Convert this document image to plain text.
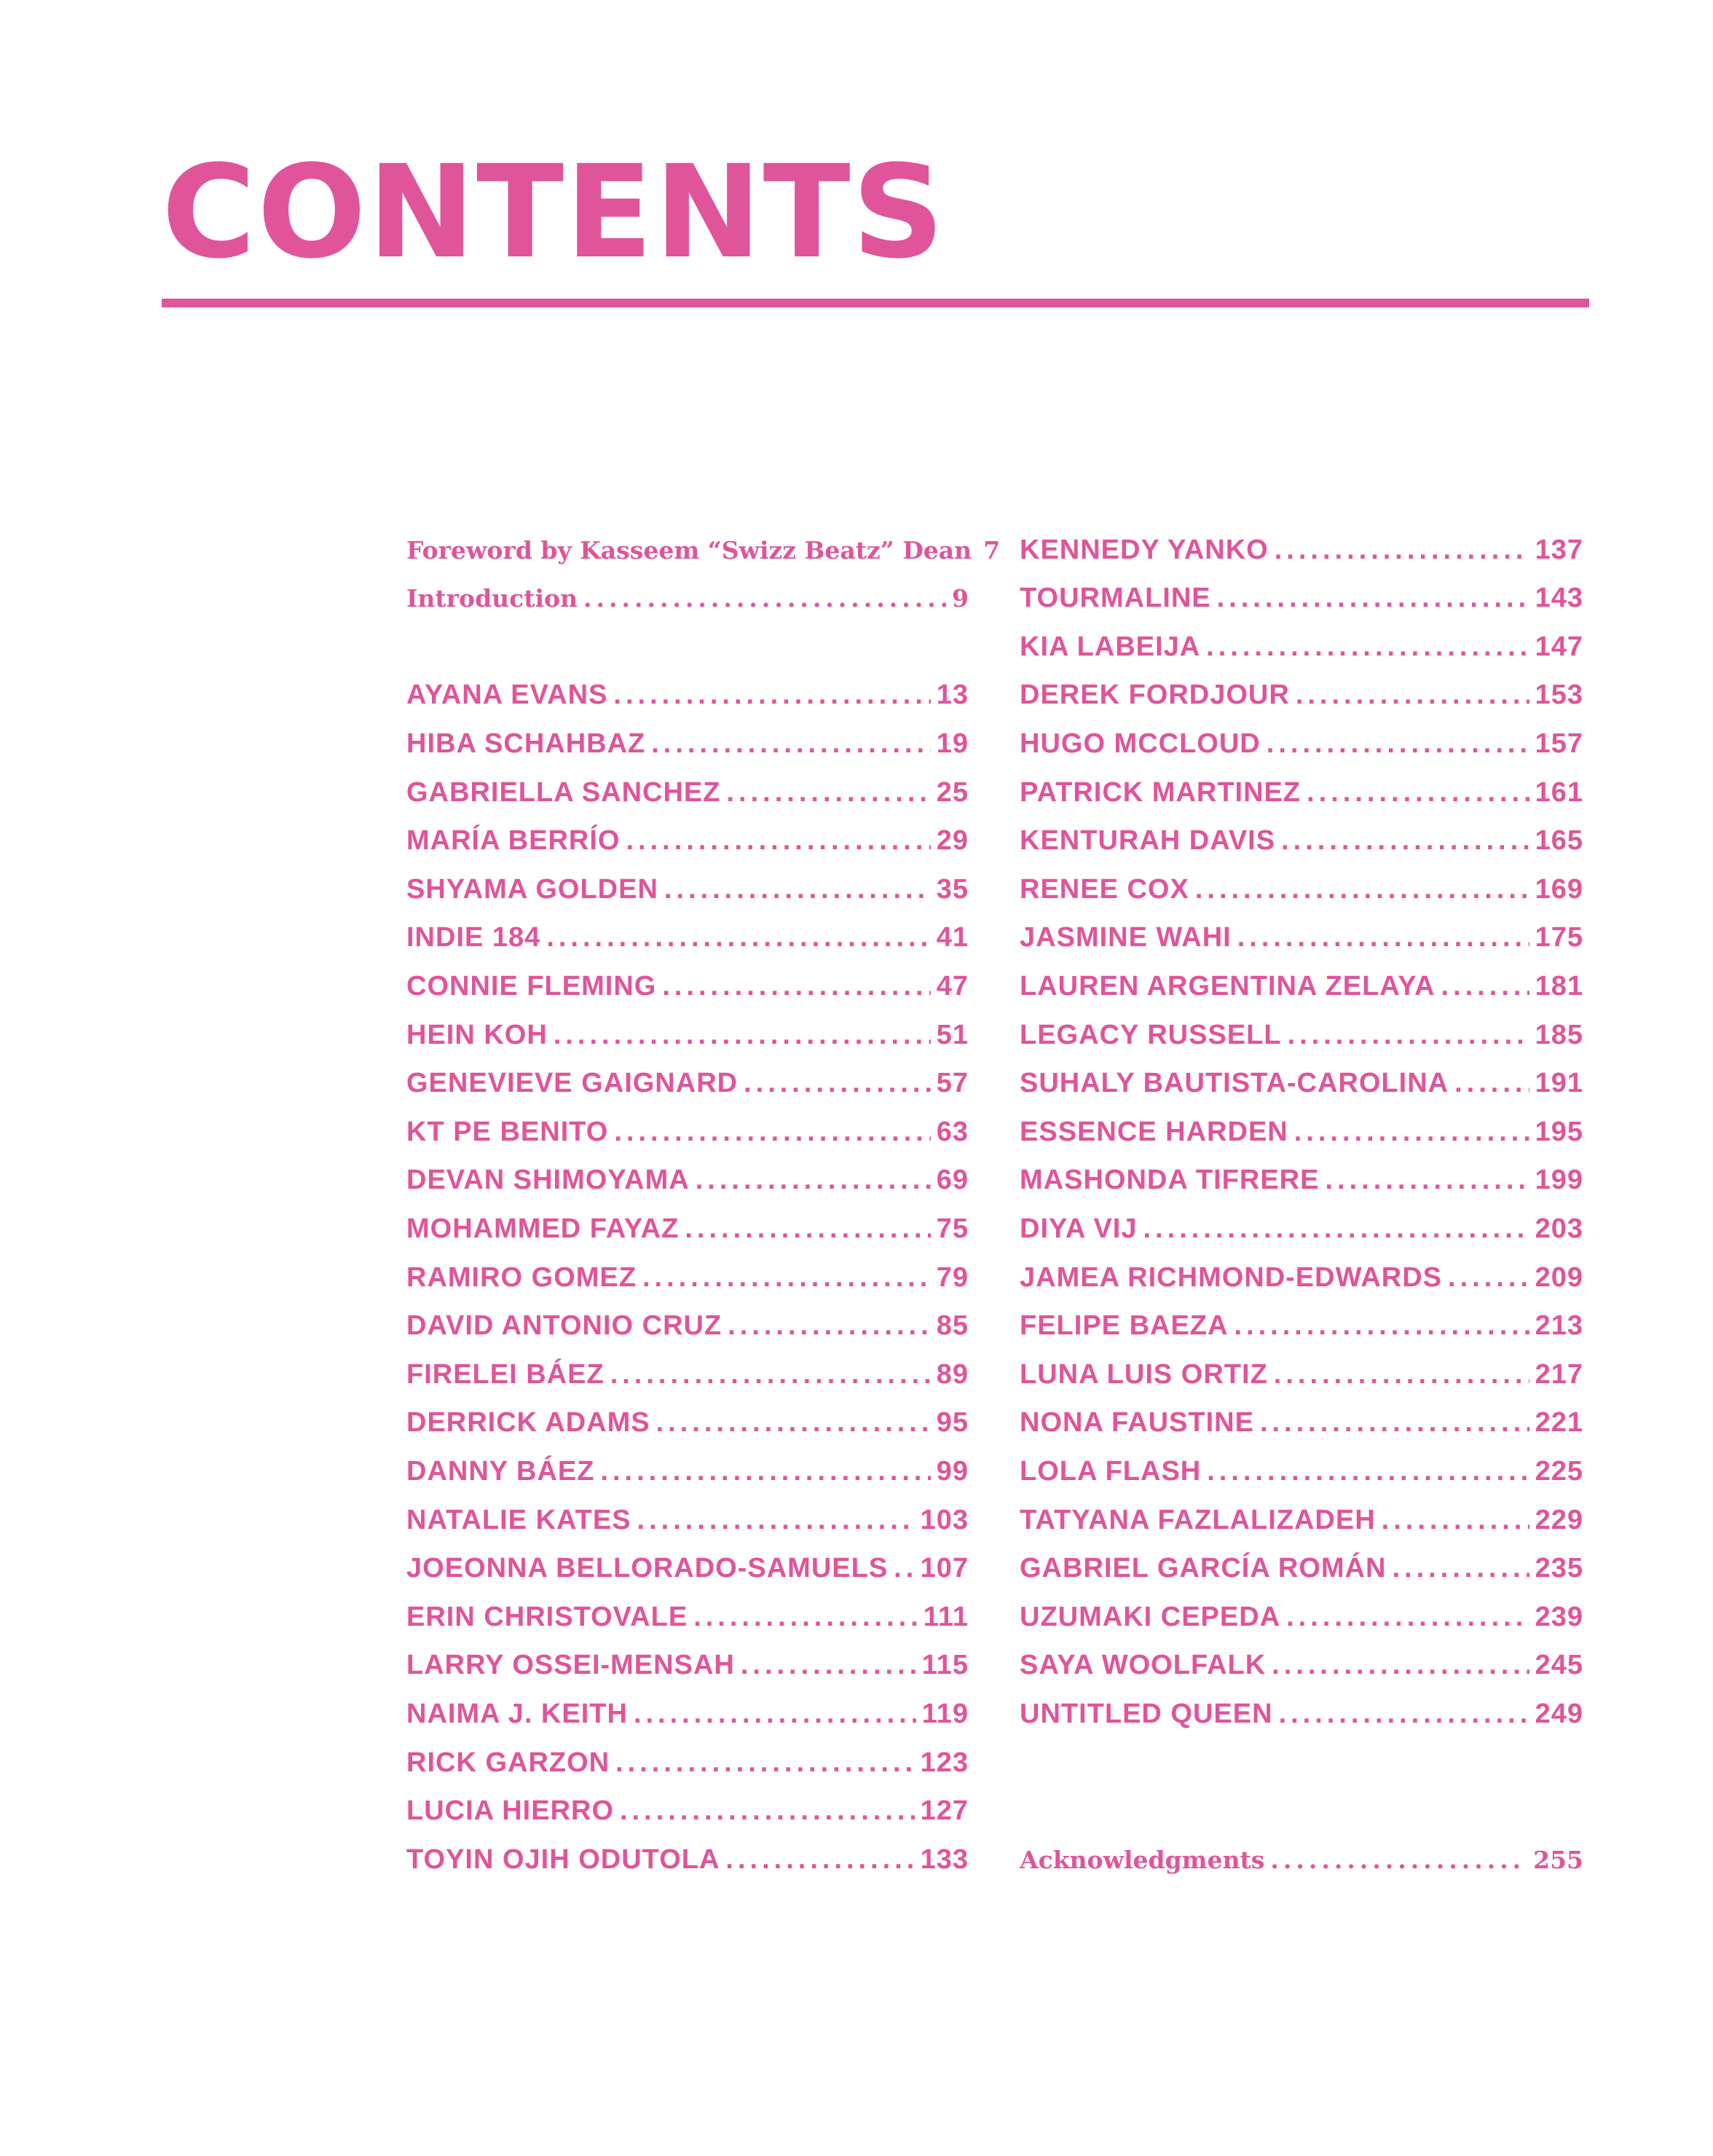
CONTENTS
Foreword by Kasseem “Swizz Beatz” Dean 7
Introduction .....	9
AYANA EVANS .....	13
HIBA SCHAHBAZ .....	19
GABRIELLA SANCHEZ .....	25
MARÍA BERRÍO .....	29
SHYAMA GOLDEN .....	35
INDIE 184 .....	41
CONNIE FLEMING .....	47
HEIN KOH .....	51
GENEVIEVE GAIGNARD .....	57
KT PE BENITO .....	63
DEVAN SHIMOYAMA .....	69
MOHAMMED FAYAZ .....	75
RAMIRO GOMEZ .....	79
DAVID ANTONIO CRUZ .....	85
FIRELEI BÁEZ .....	89
DERRICK ADAMS .....	95
DANNY BÁEZ .....	99
NATALIE KATES .....	103
JOEONNA BELLORADO-SAMUELS ..... 107
ERIN CHRISTOVALE .....	111
LARRY OSSEI-MENSAH .....	115
NAIMA J. KEITH .....	119
RICK GARZON .....	123
LUCIA HIERRO .....	127
TOYIN OJIH ODUTOLA .....	133
KENNEDY YANKO .....	137
TOURMALINE .....	143
KIA LABEIJA .....	147
DEREK FORDJOUR .....	153
HUGO MCCLOUD .....	157
PATRICK MARTINEZ .....	161
KENTURAH DAVIS .....	165
RENEE COX .....	169
JASMINE WAHI .....	175
LAUREN ARGENTINA ZELAYA .....	181
LEGACY RUSSELL .....	185
SUHALY BAUTISTA-CAROLINA .....	191
ESSENCE HARDEN .....	195
MASHONDA TIFRERE .....	199
DIYA VIJ .....	203
JAMEA RICHMOND-EDWARDS .....	209
FELIPE BAEZA .....	213
LUNA LUIS ORTIZ .....	217
NONA FAUSTINE .....	221
LOLA FLASH .....	225
TATYANA FAZLALIZADEH .....	229
GABRIEL GARCÍA ROMÁN .....	235
UZUMAKI CEPEDA .....	239
SAYA WOOLFALK .....	245
UNTITLED QUEEN .....	249
Acknowledgments .....	255
